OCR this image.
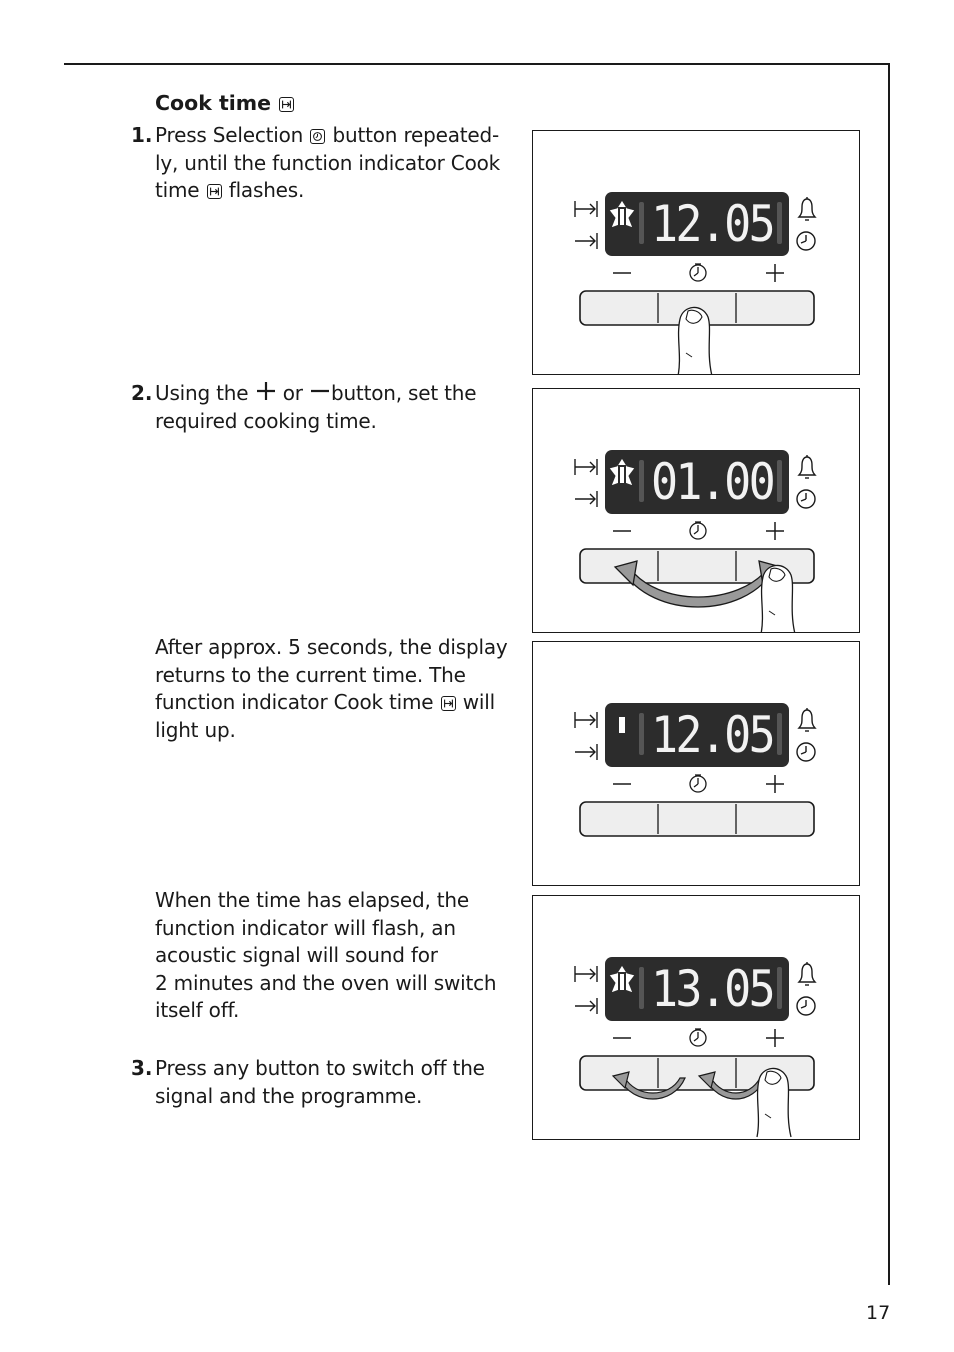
Cook time
1. Press Selection button repeated-
ly, until the function indicator Cook
time flashes.
2. Using the or button, set the
required cooking time.
After approx. 5 seconds, the display
returns to the current time. The
function indicator Cook time will
light up.
When the time has elapsed, the
function indicator will flash, an
acoustic signal will sound for
2 minutes and the oven will switch
itself off.
3. Press any button to switch off the
signal and the programme.
12.05
01.00
12.05
13.05
17
